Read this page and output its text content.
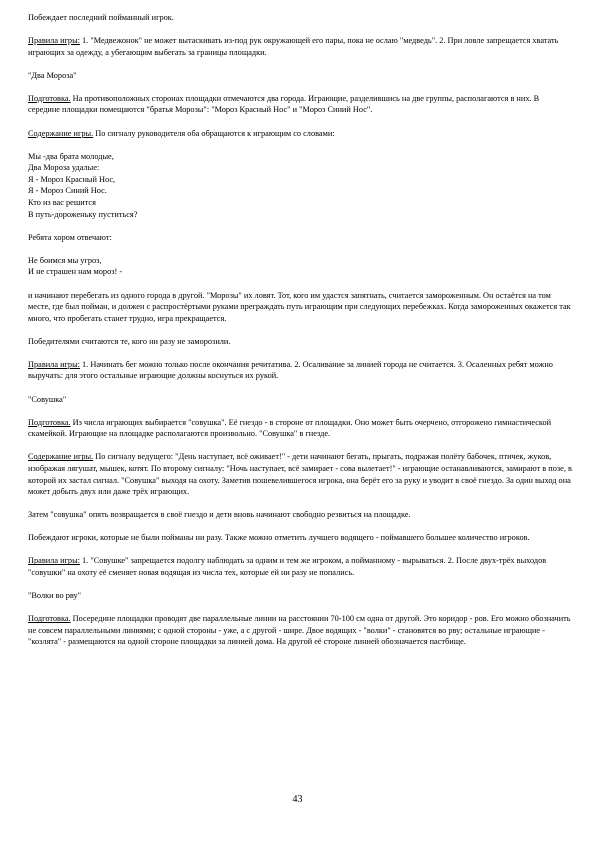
Побеждает последний пойманный игрок.

Правила игры: 1. "Медвежонок" не может вытаскивать из-под рук окружающей его пары, пока не ослаю "медведь". 2. При ловле запрещается хватать играющих за одежду, а убегающим выбегать за границы площадки.

"Два Мороза"

Подготовка. На противоположных сторонах площадки отмечаются два города. Играющие, разделившись на две группы, располагаются в них. В середине площадки помещаются "братья Морозы": "Мороз Красный Нос" и "Мороз Синий Нос".

Содержание игры. По сигналу руководителя оба обращаются к играющим со словами:

Мы -два брата молодые,
Два Мороза удалые:
Я - Мороз Красный Нос,
Я - Мороз Синий Нос.
Кто из вас решится
В путь-дороженьку пуститься?

Ребята хором отвечают:

Не боимся мы угроз,
И не страшен нам мороз! -

и начинают перебегать из одного города в другой. "Морозы" их ловят. Тот, кого им удастся запятнать, считается замороженным. Он остаётся на том месте, где был пойман, и должен с распростёртыми руками преграждать путь играющим при следующих перебежках. Когда замороженных окажется так много, что пробегать станет трудно, игра прекращается.

Победителями считаются те, кого ни разу не заморозили.

Правила игры: 1. Начинать бег можно только после окончания речитатива. 2. Осаливание за линией города не считается. 3. Осаленных ребят можно выручать: для этого остальные играющие должны коснуться их рукой.

"Совушка"

Подготовка. Из числа играющих выбирается "совушка". Её гнездо - в стороне от площадки. Оно может быть очерчено, отгорожено гимнастической скамейкой. Играющие на площадке располагаются произвольно. "Совушка" в гнезде.

Содержание игры. По сигналу ведущего: "День наступает, всё оживает!" - дети начинают бегать, прыгать, подражая полёту бабочек, птичек, жуков, изображая лягушат, мышек, котят. По второму сигналу: "Ночь наступает, всё замирает - сова вылетает!" - играющие останавливаются, замирают в позе, в которой их застал сигнал. "Совушка" выходя на охоту. Заметив пошевелившегося игрока, она берёт его за руку и уводит в своё гнездо. За один выход она может добыть двух или даже трёх играющих.

Затем "совушка" опять возвращается в своё гнездо и дети вновь начинают свободно резвиться на площадке.

Побеждают игроки, которые не были пойманы ни разу. Также можно отметить лучшего водящего - поймавшего большее количество игроков.

Правила игры: 1. "Совушке" запрещается подолгу наблюдать за одним и тем же игроком, а пойманному - вырываться. 2. После двух-трёх выходов "совушки" на охоту её сменяет новая водящая из числа тех, которые ей ни разу не попались.

"Волки во рву"

Подготовка. Посередине площадки проводят две параллельные линии на расстоянии 70-100 см одна от другой. Это коридор - ров. Его можно обозначить не совсем параллельными линиями; с одной стороны - уже, а с другой - шире. Двое водящих - "волки" - становятся во рву; остальные играющие - "козлята" - размещаются на одной стороне площадки за линией дома. На другой её стороне линией обозначается пастбище.

43
